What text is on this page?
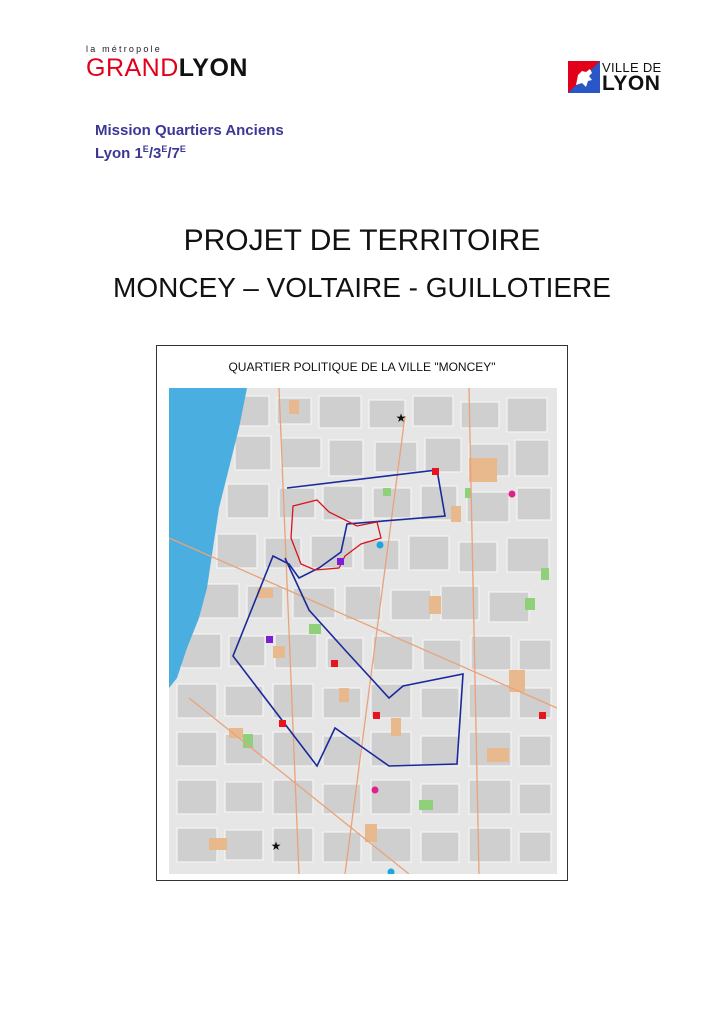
la métropole
GRANDLYON	VILLE DE
LYON
Mission Quartiers Anciens
Lyon $1^E/3^E/7^E$
PROJET DE TERRITOIRE
MONCEY – VOLTAIRE - GUILLOTIERE
QUARTIER POLITIQUE DE LA VILLE "MONCEY"
★
★
